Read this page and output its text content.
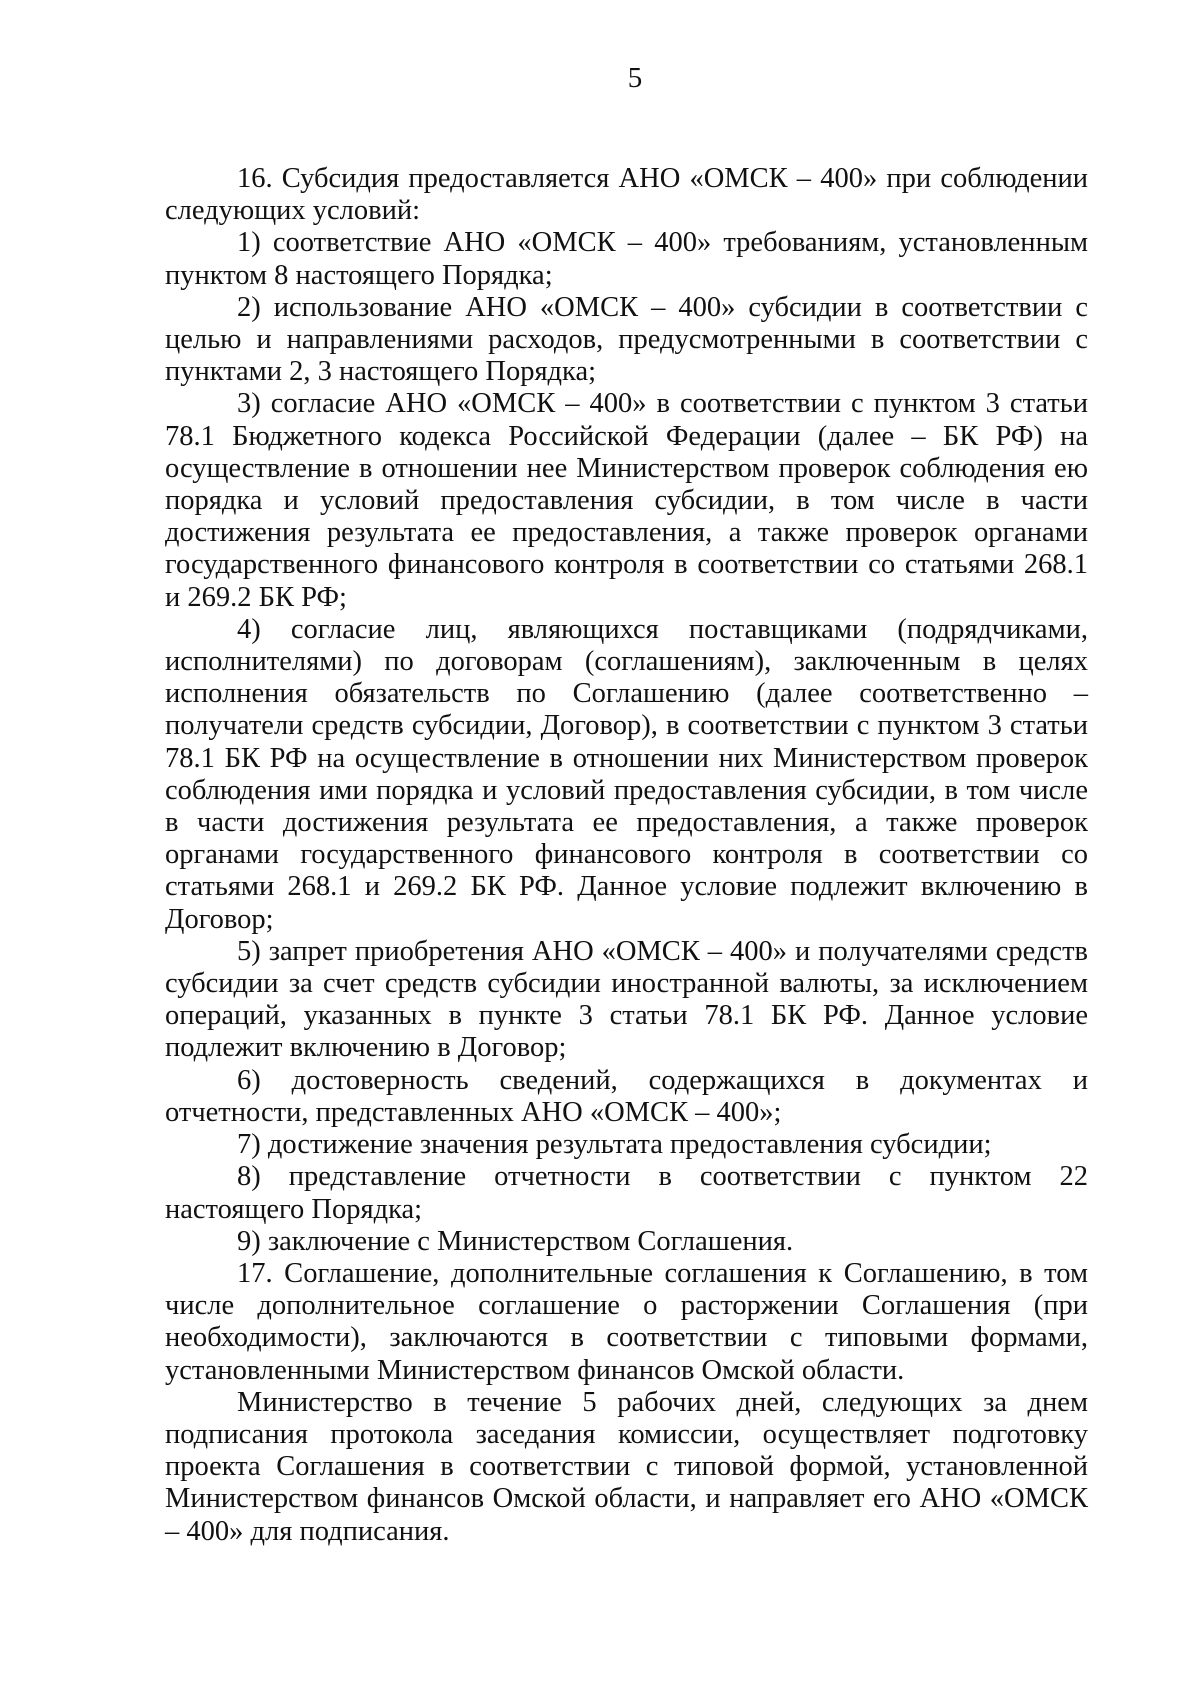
5

16. Субсидия предоставляется АНО «ОМСК – 400» при соблюдении следующих условий:

1) соответствие АНО «ОМСК – 400» требованиям, установленным пунктом 8 настоящего Порядка;

2) использование АНО «ОМСК – 400» субсидии в соответствии с целью и направлениями расходов, предусмотренными в соответствии с пунктами 2, 3 настоящего Порядка;

3) согласие АНО «ОМСК – 400» в соответствии с пунктом 3 статьи 78.1 Бюджетного кодекса Российской Федерации (далее – БК РФ) на осуществление в отношении нее Министерством проверок соблюдения ею порядка и условий предоставления субсидии, в том числе в части достижения результата ее предоставления, а также проверок органами государственного финансового контроля в соответствии со статьями 268.1 и 269.2 БК РФ;

4) согласие лиц, являющихся поставщиками (подрядчиками, исполнителями) по договорам (соглашениям), заключенным в целях исполнения обязательств по Соглашению (далее соответственно – получатели средств субсидии, Договор), в соответствии с пунктом 3 статьи 78.1 БК РФ на осуществление в отношении них Министерством проверок соблюдения ими порядка и условий предоставления субсидии, в том числе в части достижения результата ее предоставления, а также проверок органами государственного финансового контроля в соответствии со статьями 268.1 и 269.2 БК РФ. Данное условие подлежит включению в Договор;

5) запрет приобретения АНО «ОМСК – 400» и получателями средств субсидии за счет средств субсидии иностранной валюты, за исключением операций, указанных в пункте 3 статьи 78.1 БК РФ. Данное условие подлежит включению в Договор;

6) достоверность сведений, содержащихся в документах и отчетности, представленных АНО «ОМСК – 400»;

7) достижение значения результата предоставления субсидии;

8) представление отчетности в соответствии с пунктом 22 настоящего Порядка;

9) заключение с Министерством Соглашения.

17. Соглашение, дополнительные соглашения к Соглашению, в том числе дополнительное соглашение о расторжении Соглашения (при необходимости), заключаются в соответствии с типовыми формами, установленными Министерством финансов Омской области.

Министерство в течение 5 рабочих дней, следующих за днем подписания протокола заседания комиссии, осуществляет подготовку проекта Соглашения в соответствии с типовой формой, установленной Министерством финансов Омской области, и направляет его АНО «ОМСК – 400» для подписания.
